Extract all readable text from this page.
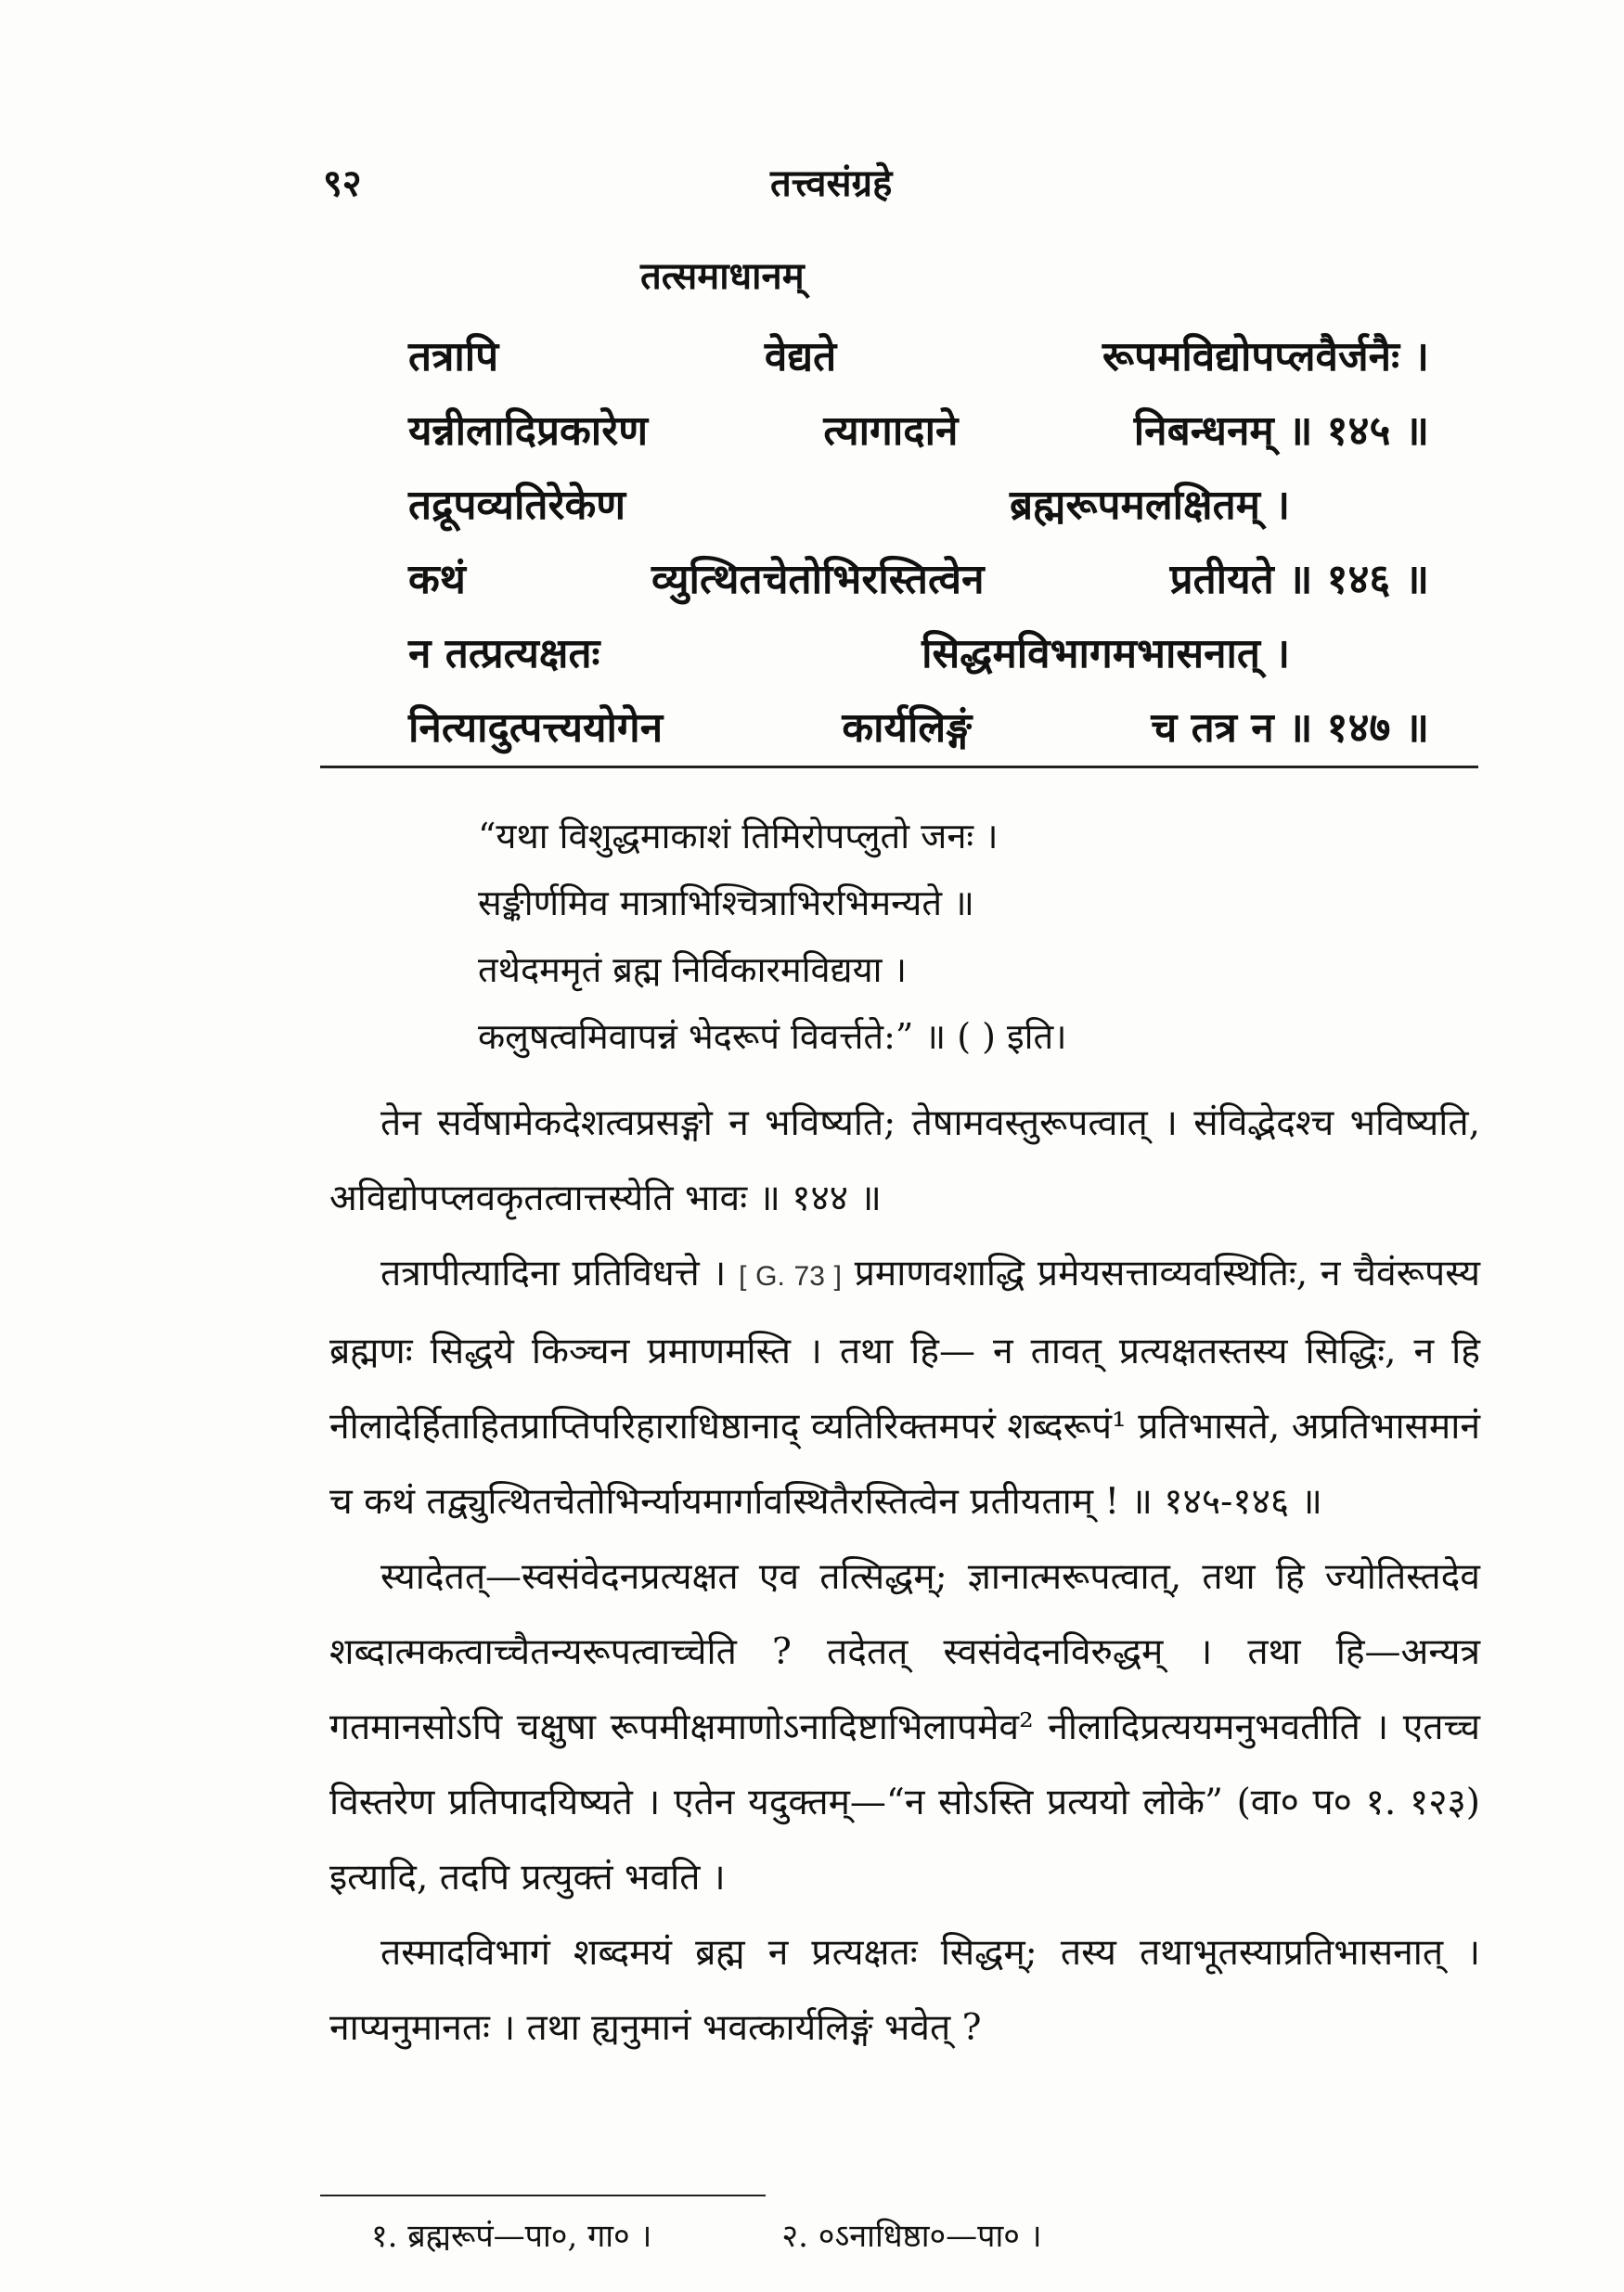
९२	तत्त्वसंग्रहे
तत्समाधानम्
तत्रापि	वेद्यते	रूपमविद्योपप्लवैर्जनैः ।
यन्नीलादिप्रकारेण	त्यागादाने	निबन्धनम् ॥ १४५ ॥
तद्रूपव्यतिरेकेण	ब्रह्मरूपमलक्षितम् ।
कथं	व्युत्थितचेतोभिरस्तित्वेन	प्रतीयते ॥ १४६ ॥
न तत्प्रत्यक्षतः	सिद्धमविभागमभासनात् ।
नित्यादुत्पत्त्ययोगेन	कार्यलिङ्गं	च तत्र न ॥ १४७ ॥
“यथा विशुद्धमाकाशं तिमिरोपप्लुतो जनः ।
सङ्कीर्णमिव मात्राभिश्चित्राभिरभिमन्यते ॥
तथेदममृतं ब्रह्म निर्विकारमविद्यया ।
कलुषत्वमिवापन्नं भेदरूपं विवर्त्तते:” ॥ ( ) इति।

तेन सर्वेषामेकदेशत्वप्रसङ्गो न भविष्यति; तेषामवस्तुरूपत्वात् । संविद्भेदश्च भविष्यति, अविद्योपप्लवकृतत्वात्तस्येति भावः ॥ १४४ ॥

तत्रापीत्यादिना प्रतिविधत्ते । [ G. 73 ] प्रमाणवशाद्धि प्रमेयसत्ताव्यवस्थितिः, न चैवंरूपस्य ब्रह्मणः सिद्धये किञ्चन प्रमाणमस्ति । तथा हि— न तावत् प्रत्यक्षतस्तस्य सिद्धिः, न हि नीलादेर्हिताहितप्राप्तिपरिहाराधिष्ठानाद् व्यतिरिक्तमपरं शब्दरूपं¹ प्रतिभासते, अप्रतिभासमानं च कथं तद्व्युत्थितचेतोभिर्न्यायमार्गावस्थितैरस्तित्वेन प्रतीयताम् ! ॥ १४५-१४६ ॥

स्यादेतत्—स्वसंवेदनप्रत्यक्षत एव तत्सिद्धम्; ज्ञानात्मरूपत्वात्, तथा हि ज्योतिस्तदेव शब्दात्मकत्वाच्चैतन्यरूपत्वाच्चेति ? तदेतत् स्वसंवेदनविरुद्धम् । तथा हि—अन्यत्र गतमानसोऽपि चक्षुषा रूपमीक्षमाणोऽनादिष्टाभिलापमेव² नीलादिप्रत्ययमनुभवतीति । एतच्च विस्तरेण प्रतिपादयिष्यते । एतेन यदुक्तम्—“न सोऽस्ति प्रत्ययो लोके” (वा० प० १. १२३) इत्यादि, तदपि प्रत्युक्तं भवति ।

तस्मादविभागं शब्दमयं ब्रह्म न प्रत्यक्षतः सिद्धम्; तस्य तथाभूतस्याप्रतिभासनात् । नाप्यनुमानतः । तथा ह्यनुमानं भवत्कार्यलिङ्गं भवेत् ?

१. ब्रह्मरूपं—पा०, गा० ।	२. ०ऽनाधिष्ठा०—पा० ।
